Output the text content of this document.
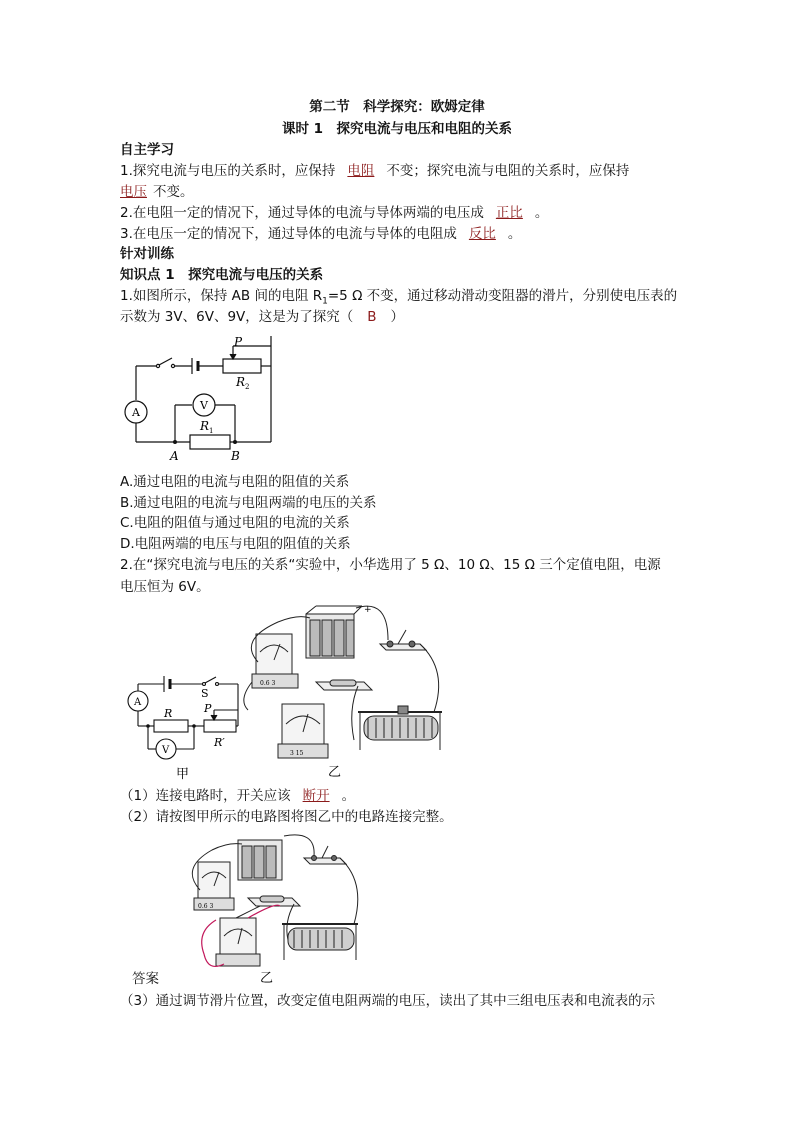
第二节　科学探究：欧姆定律
课时 1　探究电流与电压和电阻的关系
自主学习
1.探究电流与电压的关系时，应保持 电阻 不变；探究电流与电阻的关系时，应保持
电压 不变。
2.在电阻一定的情况下，通过导体的电流与导体两端的电压成 正比 。
3.在电压一定的情况下，通过导体的电流与导体的电阻成 反比 。
针对训练
知识点 1　探究电流与电压的关系
1.如图所示，保持 AB 间的电阻 $R_1=5$ Ω 不变，通过移动滑动变阻器的滑片，分别使电压表的
示数为 3V、6V、9V，这是为了探究（ B ）
P
R 2
R 1
V
A
A	B
A.通过电阻的电流与电阻的阻值的关系
B.通过电阻的电流与电阻两端的电压的关系
C.电阻的阻值与通过电阻的电流的关系
D.电阻两端的电压与电阻的阻值的关系
2.在“探究电流与电压的关系“实验中，小华选用了 5 Ω、10 Ω、15 Ω 三个定值电阻，电源
电压恒为 6V。
A
S
R	P
R′
V
甲
+
0.6 3
3 15
乙
（1）连接电路时，开关应该 断开 。
（2）请按图甲所示的电路图将图乙中的电路连接完整。
0.6 3
乙
答案
（3）通过调节滑片位置，改变定值电阻两端的电压，读出了其中三组电压表和电流表的示
